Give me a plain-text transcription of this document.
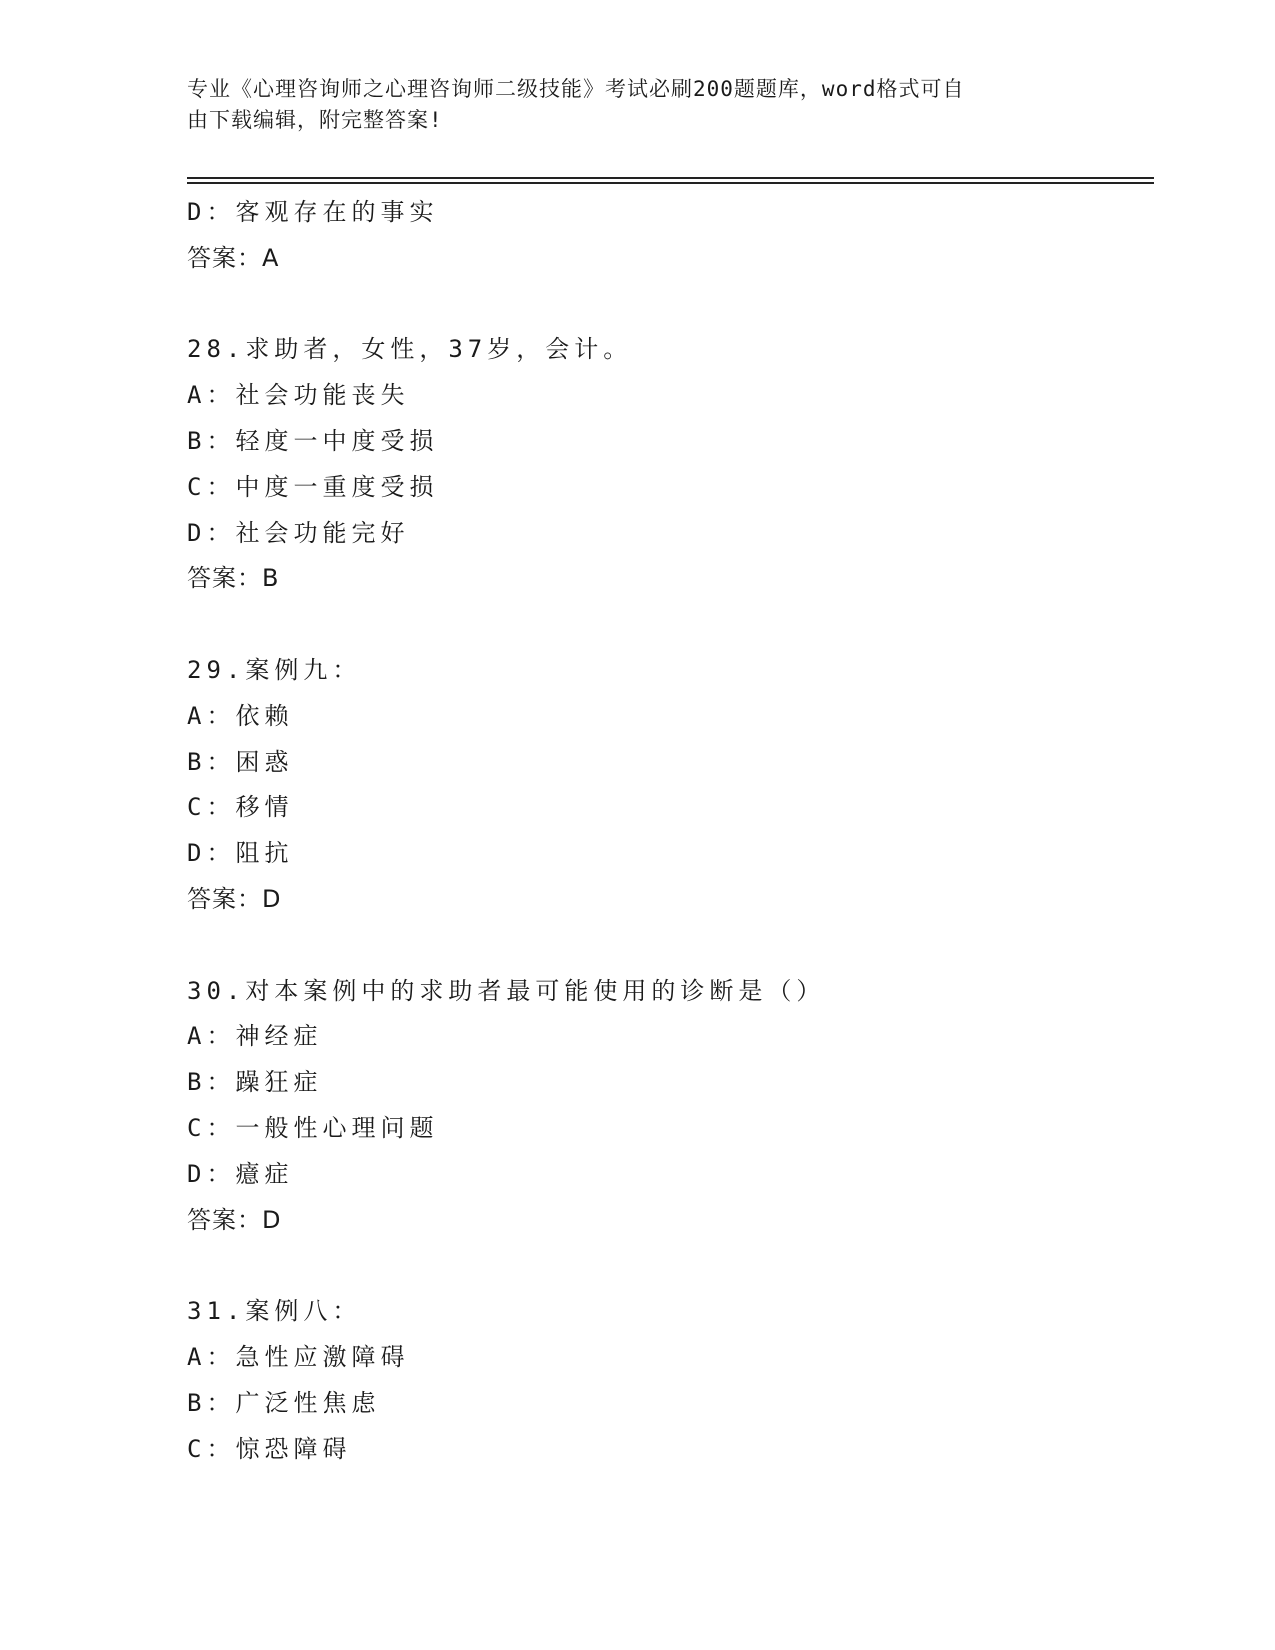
专业《心理咨询师之心理咨询师二级技能》考试必刷200题题库，word格式可自
由下载编辑，附完整答案!
D：客观存在的事实
答案：A
28.求助者，女性，37岁，会计。
A：社会功能丧失
B：轻度一中度受损
C：中度一重度受损
D：社会功能完好
答案：B
29.案例九：
A：依赖
B：困惑
C：移情
D：阻抗
答案：D
30.对本案例中的求助者最可能使用的诊断是（）
A：神经症
B：躁狂症
C：一般性心理问题
D：癔症
答案：D
31.案例八：
A：急性应激障碍
B：广泛性焦虑
C：惊恐障碍
